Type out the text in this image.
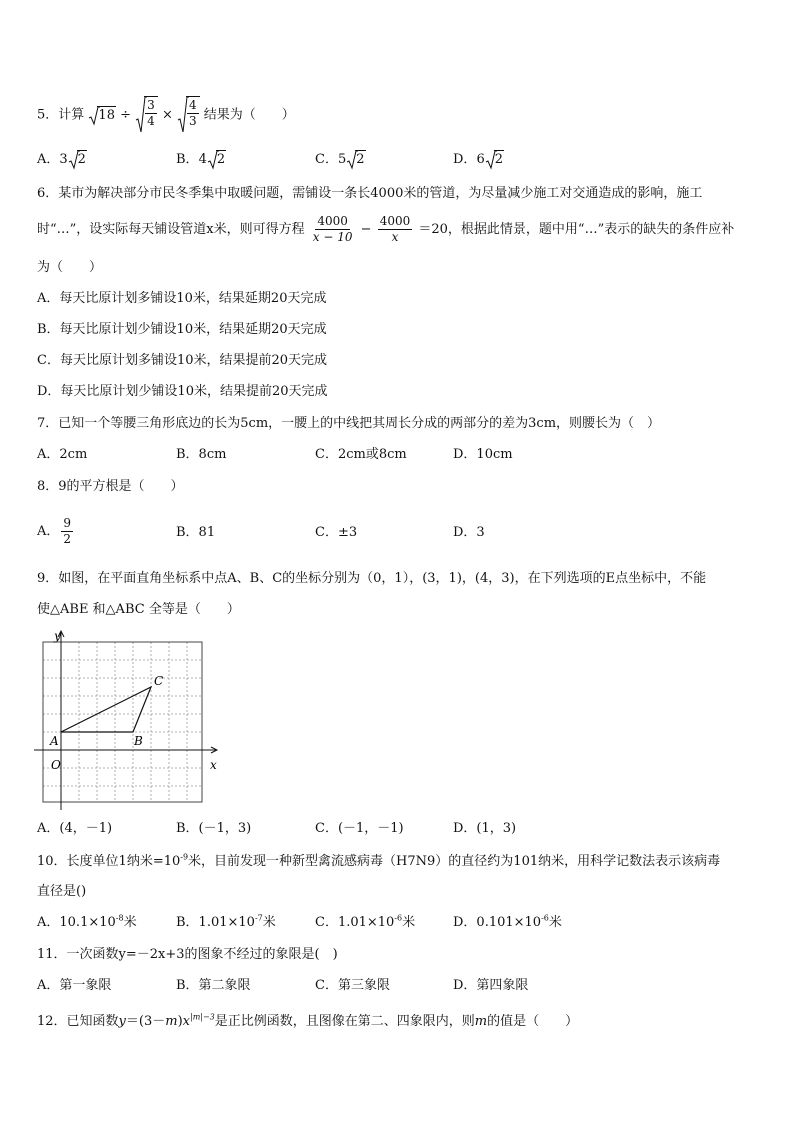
5．计算 $18 \div \frac{3}{4} \times \frac{4}{3}$ 结果为（　　）
A．3 2	B．4 2	C．5 2	D．6 2
6．某市为解决部分市民冬季集中取暖问题，需铺设一条长4000米的管道，为尽量减少施工对交通造成的影响，施工
时“…”，设实际每天铺设管道x米，则可得方程 $\frac{4000}{x - 10} - \frac{4000}{x} =20$，根据此情景，题中用“…”表示的缺失的条件应补
为（　　）
A．每天比原计划多铺设10米，结果延期20天完成
B．每天比原计划少铺设10米，结果延期20天完成
C．每天比原计划多铺设10米，结果提前20天完成
D．每天比原计划少铺设10米，结果提前20天完成
7．已知一个等腰三角形底边的长为5cm，一腰上的中线把其周长分成的两部分的差为3cm，则腰长为（　）
A．2cm	B．8cm	C．2cm或8cm	D．10cm
8．9的平方根是（　　）
A． $\frac{9}{2}$	B．81	C．±3	D．3
9．如图，在平面直角坐标系中点A、B、C的坐标分别为（0，1），(3，1)，(4，3)，在下列选项的E点坐标中，不能
使△ABE 和△ABC 全等是（　　）
y
x
O
A	B
C
A．(4，－1)	B．(－1，3)	C．(－1，－1)	D．(1，3)
10．长度单位1纳米$=10^{-9}$米，目前发现一种新型禽流感病毒（H7N9）的直径约为101纳米，用科学记数法表示该病毒
直径是()
A．$10.1\times 10^{-8}$米	B．$1.01\times 10^{-7}$米	C．$1.01\times 10^{-6}$米	D．$0.101\times 10^{-6}$米
11．一次函数y=－2x+3的图象不经过的象限是(　)
A．第一象限	B．第二象限	C．第三象限	D．第四象限
12．已知函数$y=(3-m)x^{|m|-3}$是正比例函数，且图像在第二、四象限内，则m的值是（　　）
